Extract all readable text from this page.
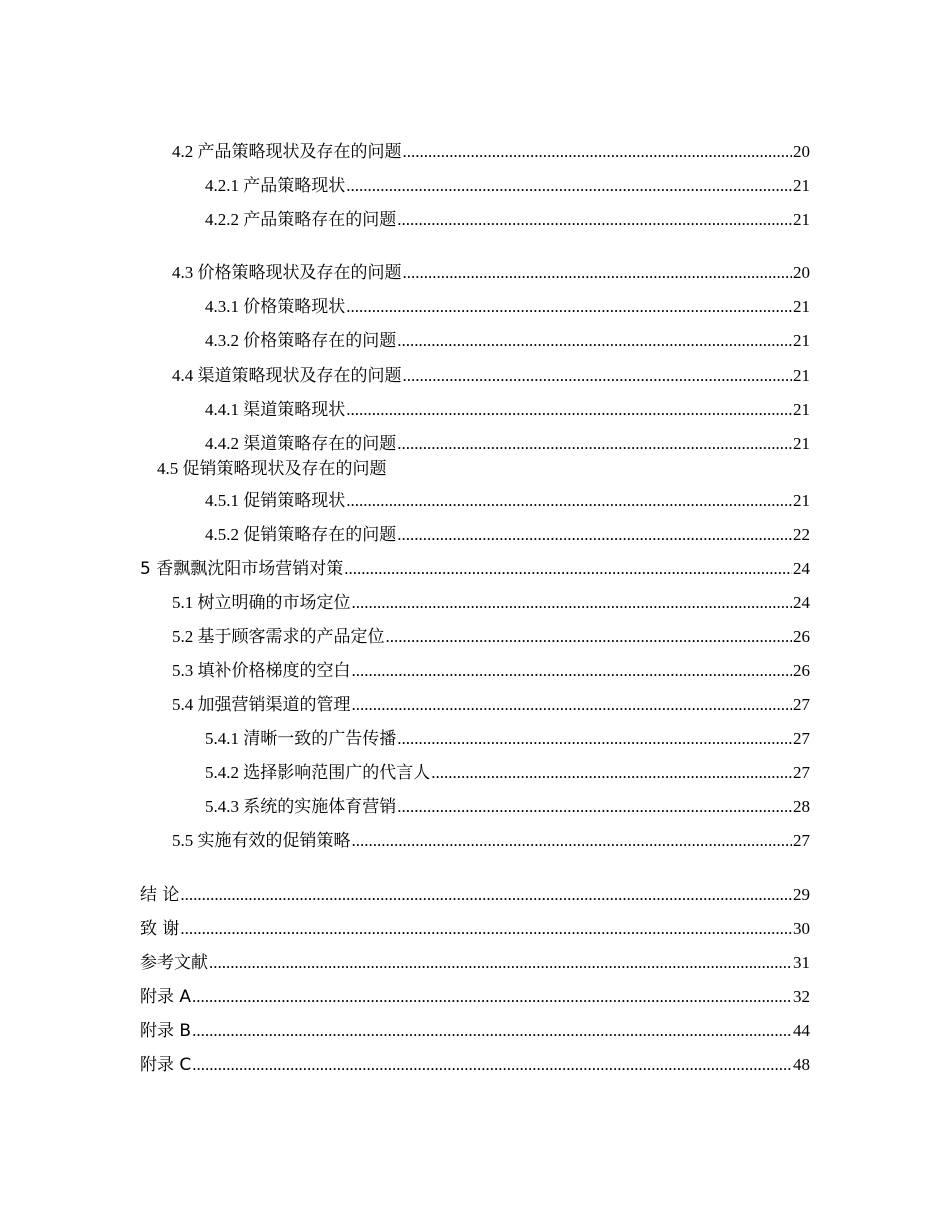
4.2 产品策略现状及存在的问题 .....	20
4.2.1 产品策略现状 .....	21
4.2.2 产品策略存在的问题 .....	21
4.3 价格策略现状及存在的问题 .....	20
4.3.1 价格策略现状 .....	21
4.3.2 价格策略存在的问题 .....	21
4.4 渠道策略现状及存在的问题 .....	21
4.4.1 渠道策略现状 .....	21
4.4.2 渠道策略存在的问题 .....	21
4.5 促销策略现状及存在的问题
4.5.1 促销策略现状 .....	21
4.5.2 促销策略存在的问题 .....	22
5 香飘飘沈阳市场营销对策 .....	24
5.1 树立明确的市场定位 .....	24
5.2 基于顾客需求的产品定位 .....	26
5.3 填补价格梯度的空白 .....	26
5.4 加强营销渠道的管理 .....	27
5.4.1 清晰一致的广告传播 .....	27
5.4.2 选择影响范围广的代言人 .....	27
5.4.3 系统的实施体育营销 .....	28
5.5 实施有效的促销策略 .....	27
结 论 .....	29
致 谢 .....	30
参考文献 .....	31
附录 A .....	32
附录 B .....	44
附录 C .....	48
